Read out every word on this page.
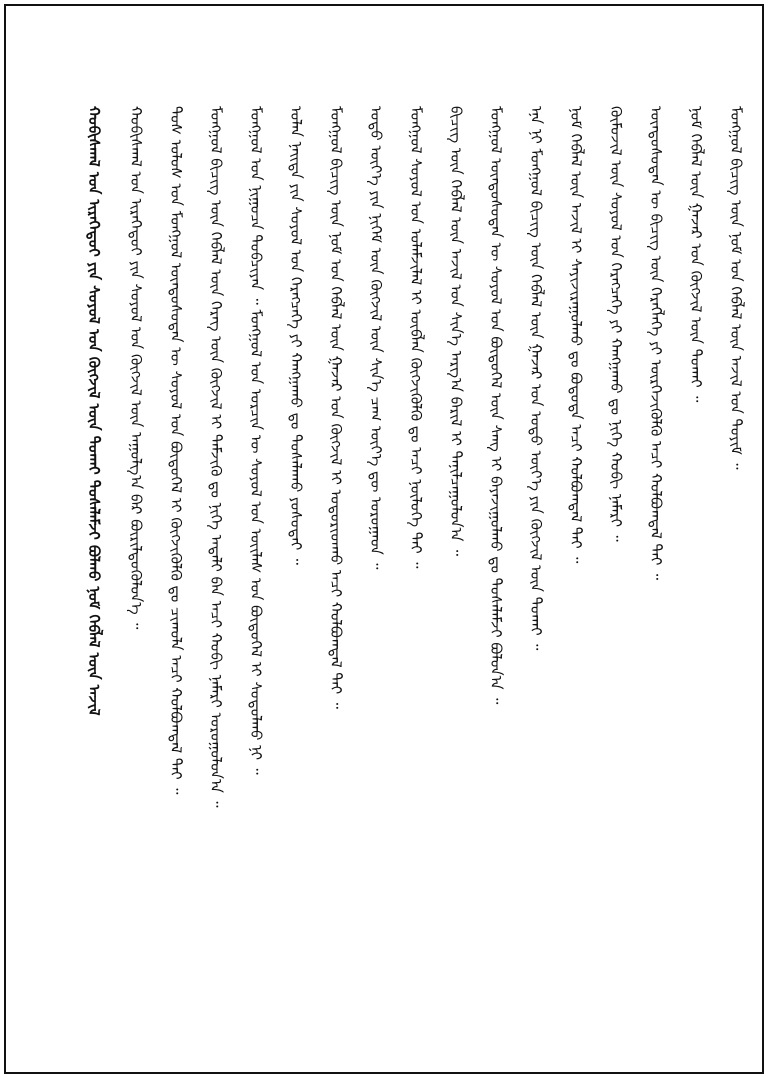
ᠬᠤᠪᠢᠰᠬᠠᠯ ᠤᠨ ᠢᠷᠡᠭᠡᠳᠦᠢ ᠶᠢᠨ ᠰᠣᠶᠤᠯ ᠤᠨ ᠬᠥᠭᠵᠢᠯ ᠦᠨ ᠲᠤᠬᠠᠢ ᠲᠤᠰᠠᠯᠠᠮᠵᠢ ᠪᠣᠯᠬᠤ ᠨᠣᠮ ᠬᠡᠪᠯᠡᠯ ᠦᠨ ᠠᠵᠢᠯ ᠬᠤᠪᠢᠰᠬᠠᠯ ᠤᠨ ᠢᠷᠡᠭᠡᠳᠦᠢ ᠶᠢᠨ ᠰᠣᠶᠤᠯ ᠤᠨ ᠬᠥᠭᠵᠢᠯ ᠦᠨ ᠠᠭᠤᠯᠭ᠎ᠠ ᠪᠠᠷ ᠪᠦᠷᠢᠯᠳᠦᠭᠦᠯᠦᠨ᠎ᠡ ᠃ ᠲᠤᠰ ᠤᠯᠤᠰ ᠤᠨ ᠮᠣᠩᠭᠣᠯ ᠦᠨᠳᠦᠰᠦᠲᠡᠨ ᠦ ᠰᠣᠶᠤᠯ ᠤᠨ ᠪᠦᠲᠦᠭᠡᠯ ᠢ ᠬᠥᠭᠵᠢᠭᠦᠯᠬᠦ ᠳᠤ ᠴᠢᠬᠤᠯᠠ ᠠᠴᠢ ᠬᠣᠯᠪᠣᠭᠳᠠᠯ ᠲᠠᠢ ᠃ ᠮᠣᠩᠭᠣᠯ ᠪᠢᠴᠢᠭ ᠦᠨ ᠬᠡᠪᠯᠡᠯ ᠦᠨ ᠬᠡᠷᠡᠭ ᠦᠨ ᠬᠥᠭᠵᠢᠯ ᠢ ᠳᠡᠮᠵᠢᠬᠦ ᠳᠤ ᠨᠢᠭᠡ ᠠᠳᠠᠯᠢ ᠪᠠᠨ ᠠᠴᠢ ᠬᠤᠪᠢ ᠨᠡᠮᠡᠷᠢ ᠣᠷᠣᠭᠤᠯᠤᠨ᠎ᠠ ᠃ ᠮᠣᠩᠭᠣᠯ ᠤᠨ ᠨᠢᠭᠤᠴᠠ ᠲᠣᠪᠴᠢᠶᠠᠨ ᠃ ᠮᠣᠩᠭᠣᠯ ᠤᠨ ᠣᠷᠴᠢᠨ ᠦ ᠰᠣᠶᠤᠯ ᠤᠨ ᠦᠢᠯᠡᠰ ᠤᠨ ᠪᠦᠲᠦᠭᠡᠯ ᠢ ᠰᠤᠳᠤᠯᠬᠤ ᠨᠢ ᠃ ᠣᠯᠠᠨ ᠨᠡᠢᠲᠡ ᠶᠢᠨ ᠰᠣᠶᠤᠯ ᠤᠨ ᠬᠡᠷᠡᠭᠴᠡᠭᠡ ᠶᠢ ᠬᠠᠩᠭᠠᠬᠤ ᠳᠤ ᠲᠤᠰᠠᠯᠠᠬᠤ ᠶᠤᠰᠤᠲᠠᠢ ᠃ ᠮᠣᠩᠭᠣᠯ ᠪᠢᠴᠢᠭ ᠦᠨ ᠨᠣᠮ ᠤᠨ ᠬᠡᠪᠯᠡᠯ ᠦᠨ ᠭᠠᠵᠠᠷ ᠤᠨ ᠬᠥᠭᠵᠢᠯ ᠢ ᠤᠳᠤᠷᠢᠳᠬᠤ ᠠᠴᠢ ᠬᠣᠯᠪᠣᠭᠳᠠᠯ ᠲᠠᠢ ᠃ ᠣᠳᠣ ᠦᠶ᠎ᠡ ᠶᠢᠨ ᠨᠢᠭᠡᠮ ᠦᠨ ᠬᠥᠭᠵᠢᠯ ᠦᠨ ᠰᠢᠨ᠎ᠡ ᠴᠠᠭ ᠦᠶ᠎ᠡ ᠳᠦ ᠣᠷᠣᠭᠠᠳ ᠃ ᠮᠣᠩᠭᠣᠯ ᠰᠣᠶᠤᠯ ᠤᠨ ᠤᠯᠠᠮᠵᠢᠯᠠᠯ ᠢ ᠥᠪᠯᠡᠨ ᠬᠥᠭᠵᠢᠭᠦᠯᠬᠦ ᠳᠤ ᠠᠴᠢ ᠨᠥᠯᠥᠭᠡ ᠲᠠᠢ ᠃ ᠪᠢᠴᠢᠭ ᠦᠨ ᠬᠡᠪᠯᠡᠯ ᠦᠨ ᠠᠵᠢᠯ ᠤᠨ ᠰᠢᠨ᠎ᠡ ᠠᠷᠭ᠎ᠠ ᠪᠠᠷᠢᠯ ᠢ ᠲᠠᠨᠢᠯᠴᠠᠭᠤᠯᠤᠨ᠎ᠠ ᠃ ᠮᠣᠩᠭᠣᠯ ᠦᠨᠳᠦᠰᠦᠲᠡᠨ ᠦ ᠰᠣᠶᠤᠯ ᠤᠨ ᠪᠦᠲᠦᠭᠡᠯ ᠦᠨ ᠰᠠᠩ ᠢ ᠪᠠᠶᠠᠵᠢᠭᠤᠯᠬᠤ ᠳᠤ ᠲᠤᠰᠠᠯᠠᠮᠵᠢ ᠪᠣᠯᠤᠨ᠎ᠠ ᠃ ᠡᠨᠡ ᠨᠢ ᠮᠣᠩᠭᠣᠯ ᠪᠢᠴᠢᠭ ᠦᠨ ᠬᠡᠪᠯᠡᠯ ᠦᠨ ᠭᠠᠵᠠᠷ ᠤᠨ ᠣᠳᠣ ᠦᠶ᠎ᠡ ᠶᠢᠨ ᠬᠥᠭᠵᠢᠯ ᠦᠨ ᠲᠤᠬᠠᠢ ᠃ ᠨᠣᠮ ᠬᠡᠪᠯᠡᠯ ᠦᠨ ᠠᠵᠢᠯ ᠢ ᠰᠠᠶᠢᠵᠢᠷᠠᠭᠤᠯᠬᠤ ᠳᠤ ᠪᠣᠳᠤᠳᠠ ᠠᠴᠢ ᠬᠣᠯᠪᠣᠭᠳᠠᠯ ᠲᠠᠢ ᠃ ᠬᠦᠮᠦᠵᠢᠯ ᠦᠨ ᠰᠣᠶᠤᠯ ᠤᠨ ᠬᠡᠷᠡᠭᠴᠡᠭᠡ ᠶᠢ ᠬᠠᠩᠭᠠᠬᠤ ᠳᠤ ᠨᠢᠭᠡ ᠬᠤᠪᠢ ᠨᠡᠮᠡᠷᠢ ᠃ ᠦᠨᠳᠦᠰᠦᠲᠡᠨ ᠦ ᠪᠢᠴᠢᠭ ᠦᠨ ᠬᠡᠷᠡᠭᠯᠡᠭᠡ ᠶᠢ ᠥᠷᠭᠡᠵᠢᠭᠦᠯᠬᠦ ᠠᠴᠢ ᠬᠣᠯᠪᠣᠭᠳᠠᠯ ᠲᠠᠢ ᠃ ᠨᠣᠮ ᠬᠡᠪᠯᠡᠯ ᠦᠨ ᠭᠠᠵᠠᠷ ᠤᠨ ᠬᠥᠭᠵᠢᠯ ᠦᠨ ᠲᠤᠬᠠᠢ ᠃ ᠮᠣᠩᠭᠣᠯ ᠪᠢᠴᠢᠭ ᠦᠨ ᠨᠣᠮ ᠤᠨ ᠬᠡᠪᠯᠡᠯ ᠦᠨ ᠠᠵᠢᠯ ᠤᠨ ᠲᠣᠶᠢᠮ ᠃
